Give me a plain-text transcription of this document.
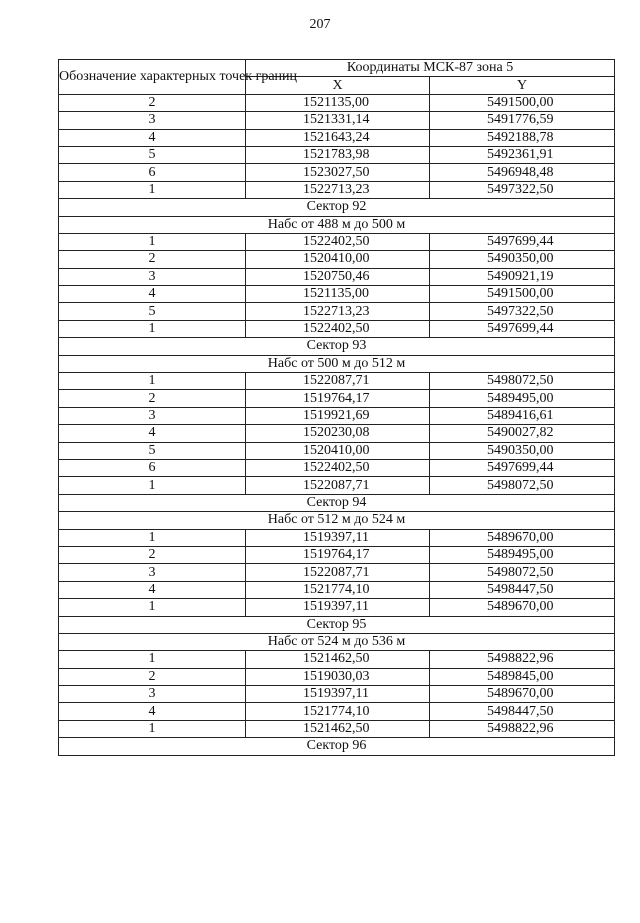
207
Обозначение характерных точек границ	Координаты МСК-87 зона 5	
	X	Y
2	1521135,00	5491500,00
3	1521331,14	5491776,59
4	1521643,24	5492188,78
5	1521783,98	5492361,91
6	1523027,50	5496948,48
1	1522713,23	5497322,50
Сектор 92		
Набс от 488 м до 500 м		
1	1522402,50	5497699,44
2	1520410,00	5490350,00
3	1520750,46	5490921,19
4	1521135,00	5491500,00
5	1522713,23	5497322,50
1	1522402,50	5497699,44
Сектор 93		
Набс от 500 м до 512 м		
1	1522087,71	5498072,50
2	1519764,17	5489495,00
3	1519921,69	5489416,61
4	1520230,08	5490027,82
5	1520410,00	5490350,00
6	1522402,50	5497699,44
1	1522087,71	5498072,50
Сектор 94		
Набс от 512 м до 524 м		
1	1519397,11	5489670,00
2	1519764,17	5489495,00
3	1522087,71	5498072,50
4	1521774,10	5498447,50
1	1519397,11	5489670,00
Сектор 95		
Набс от 524 м до 536 м		
1	1521462,50	5498822,96
2	1519030,03	5489845,00
3	1519397,11	5489670,00
4	1521774,10	5498447,50
1	1521462,50	5498822,96
Сектор 96		
